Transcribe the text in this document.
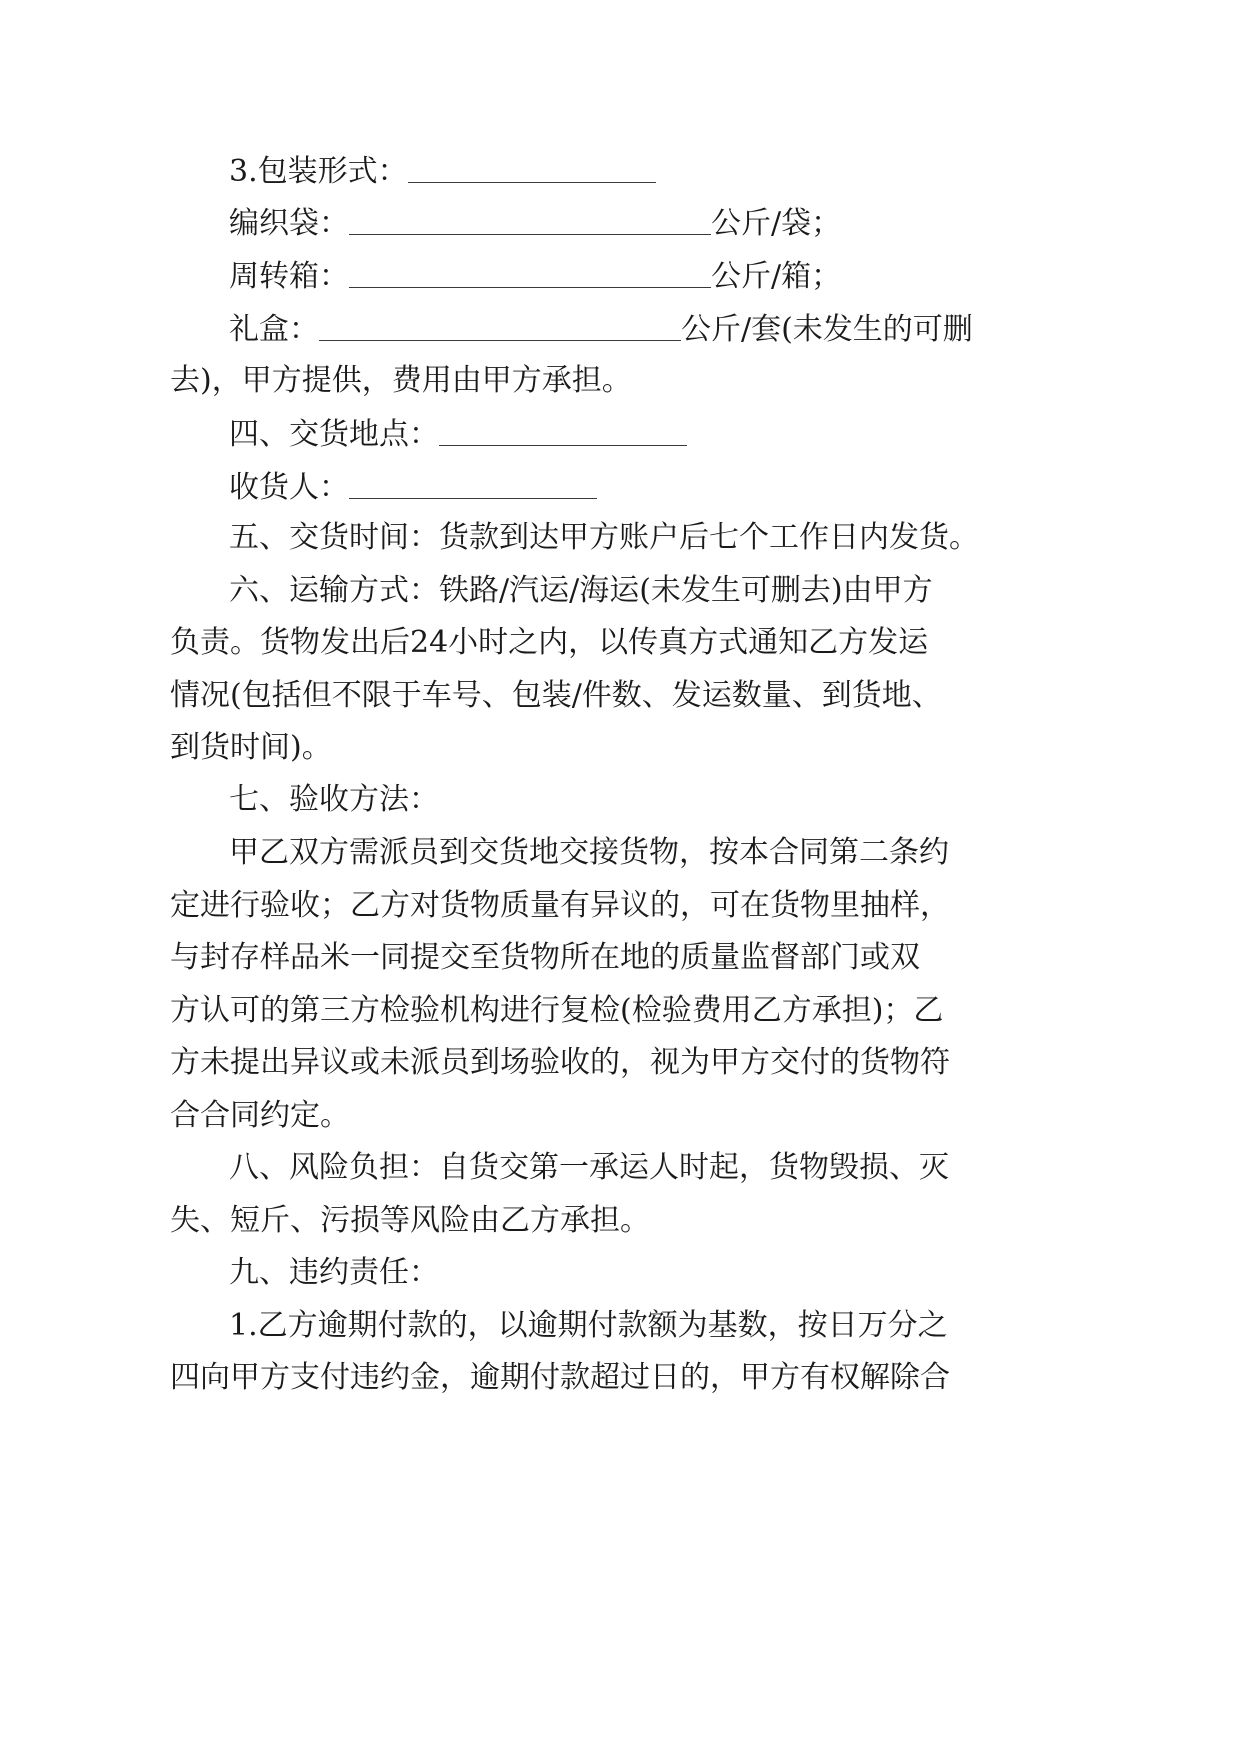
3.包装形式：
编织袋：	公斤/袋；
周转箱：	公斤/箱；
礼盒：	公斤/套(未发生的可删
去)，甲方提供，费用由甲方承担。
四、交货地点：
收货人：
五、交货时间：货款到达甲方账户后七个工作日内发货。
六、运输方式：铁路/汽运/海运(未发生可删去)由甲方
负责。货物发出后24小时之内，以传真方式通知乙方发运
情况(包括但不限于车号、包装/件数、发运数量、到货地、
到货时间)。
七、验收方法：
甲乙双方需派员到交货地交接货物，按本合同第二条约
定进行验收；乙方对货物质量有异议的，可在货物里抽样，
与封存样品米一同提交至货物所在地的质量监督部门或双
方认可的第三方检验机构进行复检(检验费用乙方承担)；乙
方未提出异议或未派员到场验收的，视为甲方交付的货物符
合合同约定。
八、风险负担：自货交第一承运人时起，货物毁损、灭
失、短斤、污损等风险由乙方承担。
九、违约责任：
1.乙方逾期付款的，以逾期付款额为基数，按日万分之
四向甲方支付违约金，逾期付款超过日的，甲方有权解除合
